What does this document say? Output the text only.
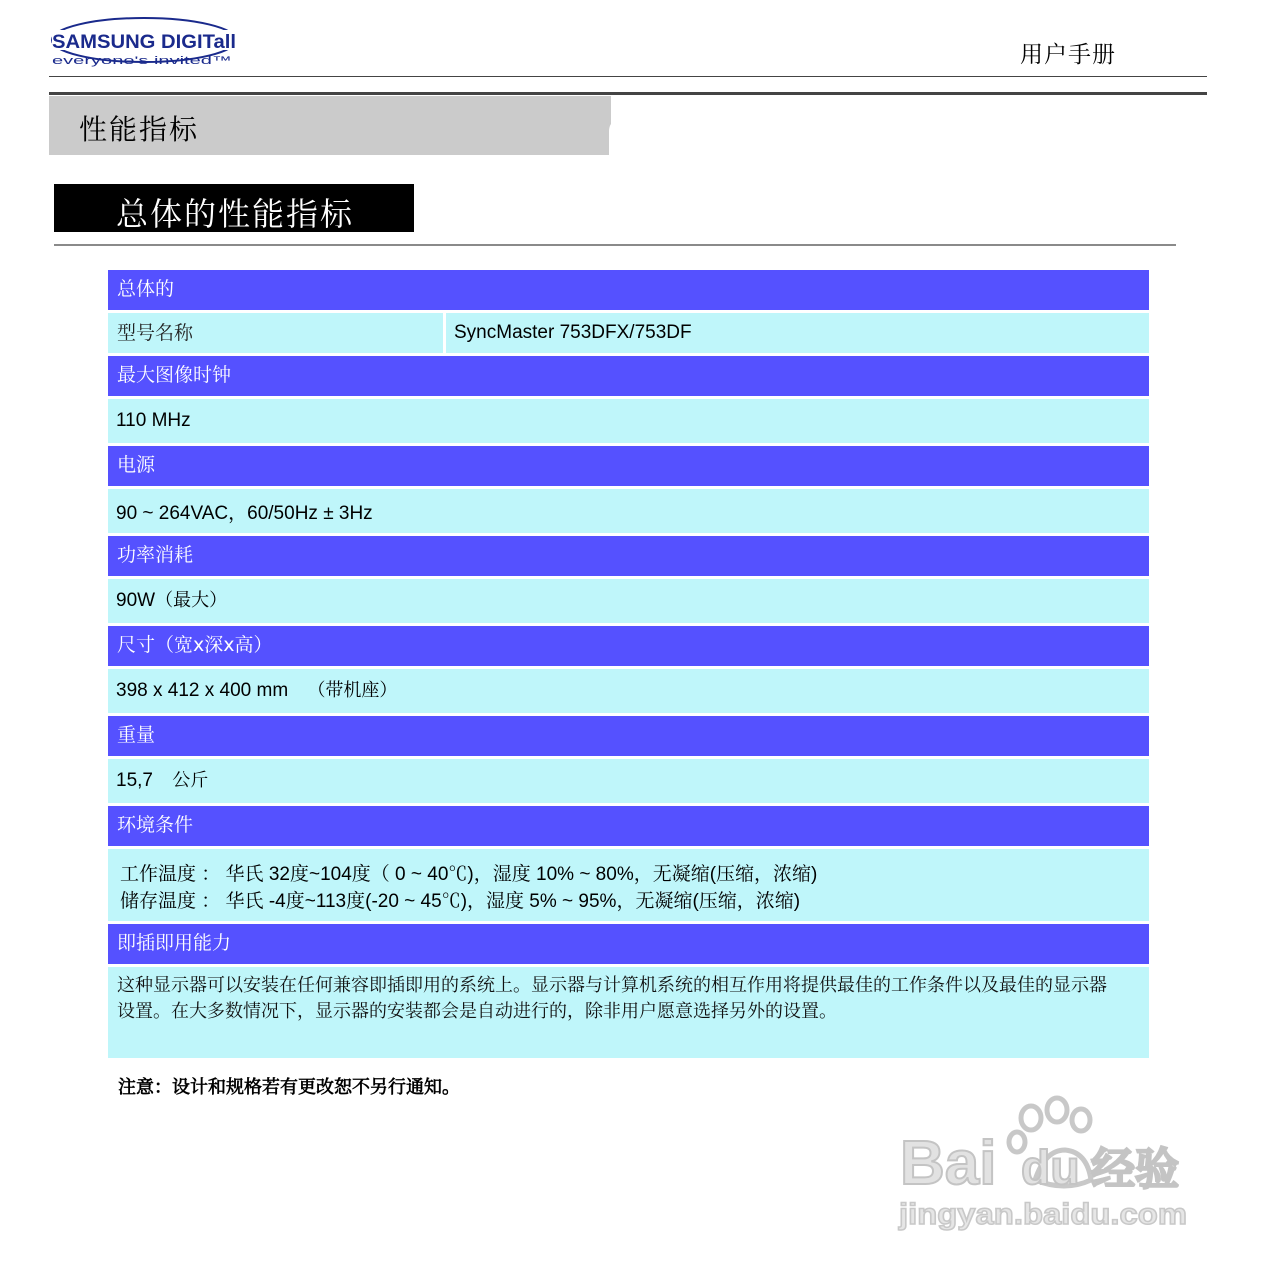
SAMSUNG DIGITall
everyone's invited™	用户手册
性能指标
总体的性能指标
总体的
型号名称	SyncMaster 753DFX/753DF
最大图像时钟
110 MHz
电源
90 ~ 264VAC，60/50Hz ± 3Hz
功率消耗
90W（最大）
尺寸（宽x深x高）
398 x 412 x 400 mm （带机座）
重量
15,7 公斤
环境条件
工作温度 ： 华氏 32度~104度（ 0 ~ 40℃)，湿度 10% ~ 80%，无凝缩(压缩，浓缩)
储存温度 ： 华氏 -4度~113度(-20 ~ 45℃)，湿度 5% ~ 95%，无凝缩(压缩，浓缩)
即插即用能力
这种显示器可以安装在任何兼容即插即用的系统上。显示器与计算机系统的相互作用将提供最佳的工作条件以及最佳的显示器设置。在大多数情况下，显示器的安装都会是自动进行的，除非用户愿意选择另外的设置。
注意：设计和规格若有更改恕不另行通知。
Bai du 经验
jingyan.baidu.com
